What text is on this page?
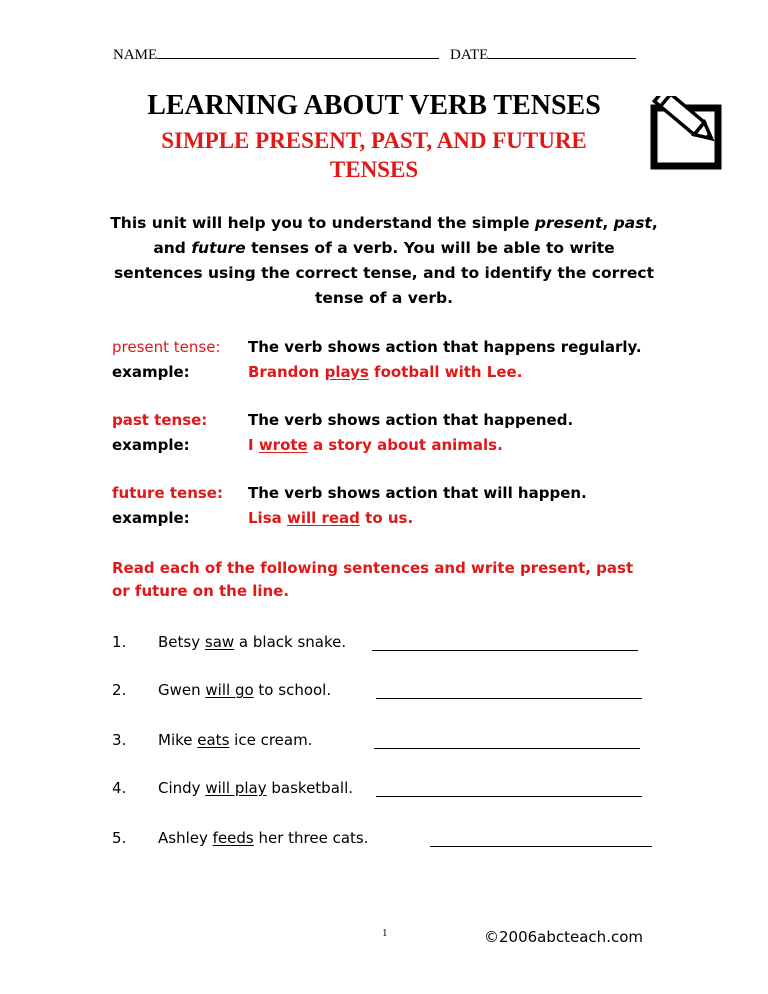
NAME	DATE
LEARNING ABOUT VERB TENSES
SIMPLE PRESENT, PAST, AND FUTURE
TENSES
This unit will help you to understand the simple present, past,
and future tenses of a verb. You will be able to write
sentences using the correct tense, and to identify the correct
tense of a verb.
present tense: The verb shows action that happens regularly.
example:	Brandon plays football with Lee.
past tense:	The verb shows action that happened.
example:	I wrote a story about animals.
future tense: The verb shows action that will happen.
example:	Lisa will read to us.
Read each of the following sentences and write present, past
or future on the line.
1. Betsy saw a black snake.
2. Gwen will go to school.
3. Mike eats ice cream.
4. Cindy will play basketball.
5. Ashley feeds her three cats.
1	©2006abcteach.com
